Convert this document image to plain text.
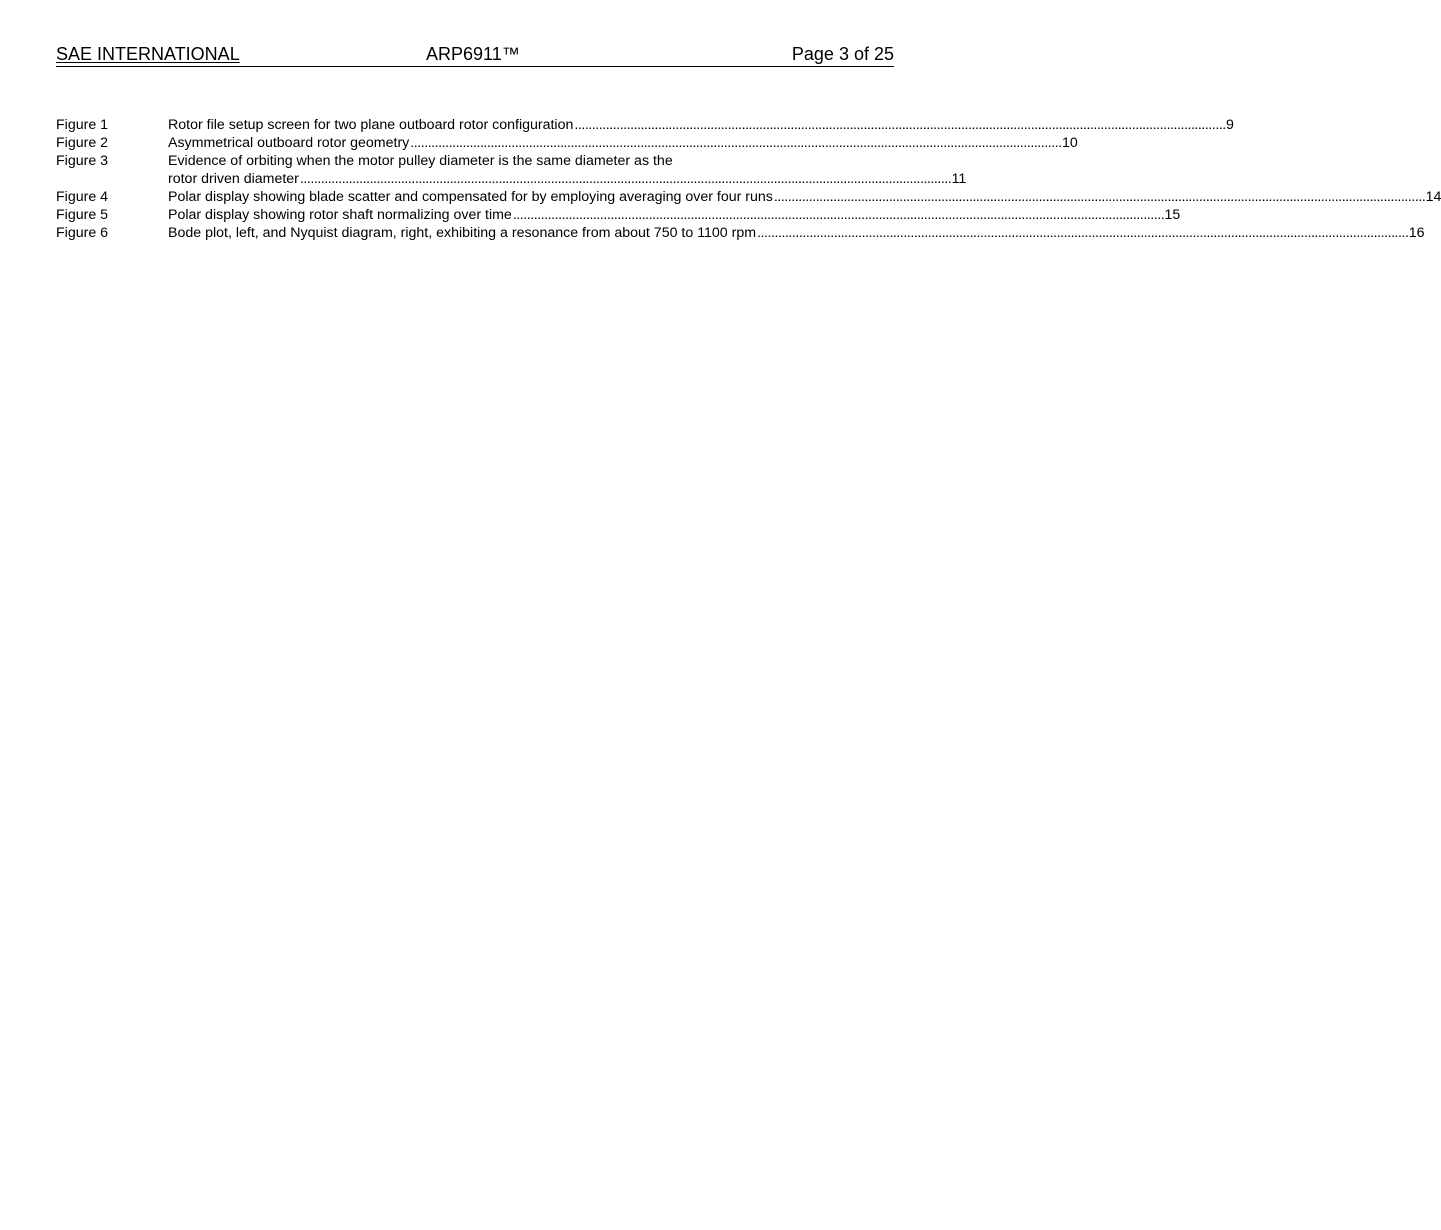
SAE INTERNATIONAL	ARP6911™	Page 3 of 25
Figure 1	Rotor file setup screen for two plane outboard rotor configuration . . .	9
Figure 2	Asymmetrical outboard rotor geometry . . .	10
Figure 3	Evidence of orbiting when the motor pulley diameter is the same diameter as the
rotor driven diameter . . .	11
Figure 4	Polar display showing blade scatter and compensated for by employing averaging over four runs . . .	14
Figure 5	Polar display showing rotor shaft normalizing over time . . .	15
Figure 6	Bode plot, left, and Nyquist diagram, right, exhibiting a resonance from about 750 to 1100 rpm . . .	16
